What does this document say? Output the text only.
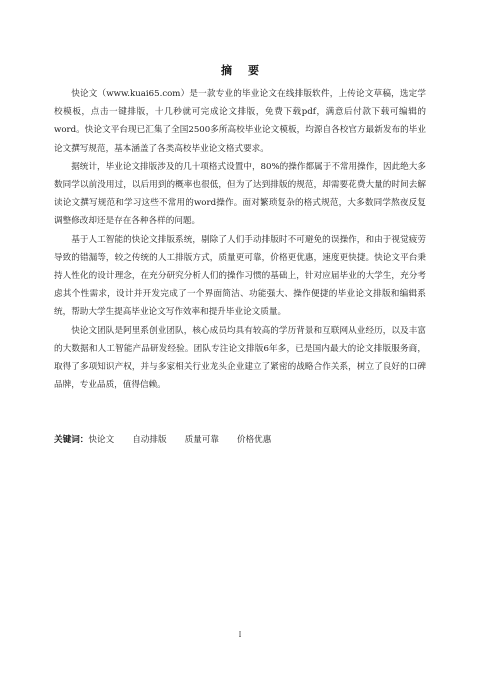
摘要

快论文（www.kuai65.com）是一款专业的毕业论文在线排版软件，上传论文草稿，选定学校模板，点击一键排版，十几秒就可完成论文排版，免费下载pdf，满意后付款下载可编辑的word。快论文平台现已汇集了全国2500多所高校毕业论文模板，均源自各校官方最新发布的毕业论文撰写规范，基本涵盖了各类高校毕业论文格式要求。

据统计，毕业论文排版涉及的几十项格式设置中，80%的操作都属于不常用操作，因此绝大多数同学以前没用过，以后用到的概率也很低，但为了达到排版的规范，却需要花费大量的时间去解读论文撰写规范和学习这些不常用的word操作。面对繁琐复杂的格式规范，大多数同学熬夜反复调整修改却还是存在各种各样的问题。

基于人工智能的快论文排版系统，剔除了人们手动排版时不可避免的误操作，和由于视觉疲劳导致的错漏等，较之传统的人工排版方式，质量更可靠，价格更优惠，速度更快捷。快论文平台秉持人性化的设计理念，在充分研究分析人们的操作习惯的基础上，针对应届毕业的大学生，充分考虑其个性需求，设计并开发完成了一个界面简洁、功能强大、操作便捷的毕业论文排版和编辑系统，帮助大学生提高毕业论文写作效率和提升毕业论文质量。

快论文团队是阿里系创业团队，核心成员均具有较高的学历背景和互联网从业经历，以及丰富的大数据和人工智能产品研发经验。团队专注论文排版6年多，已是国内最大的论文排版服务商，取得了多项知识产权，并与多家相关行业龙头企业建立了紧密的战略合作关系，树立了良好的口碑品牌，专业品质，值得信赖。

关键词：快论文 自动排版 质量可靠 价格优惠
I
